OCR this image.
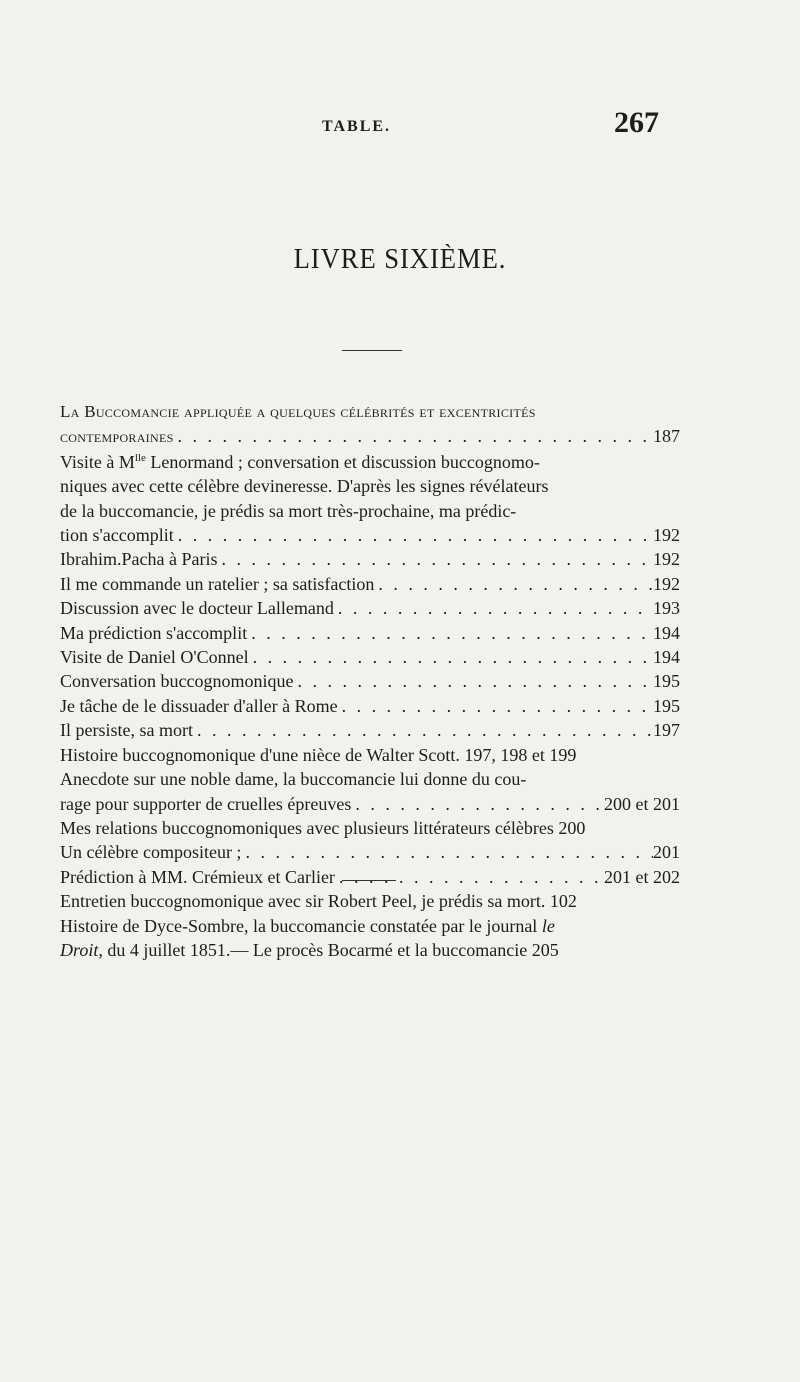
TABLE.	267
LIVRE SIXIÈME.
La Buccomancie appliquée a quelques célébrités et excentricités
contemporaines . . .	187
Visite à $M^{lle}$ Lenormand ; conversation et discussion buccognomo-
niques avec cette célèbre devineresse. D'après les signes révélateurs
de la buccomancie, je prédis sa mort très-prochaine, ma prédic-
tion s'accomplit . . .	192
Ibrahim.Pacha à Paris . . .	192
Il me commande un ratelier ; sa satisfaction . . .	192
Discussion avec le docteur Lallemand . . .	193
Ma prédiction s'accomplit . . .	194
Visite de Daniel O'Connel . . .	194
Conversation buccognomonique . . .	195
Je tâche de le dissuader d'aller à Rome . . .	195
Il persiste, sa mort . . .	197
Histoire buccognomonique d'une nièce de Walter Scott. 197, 198 et 199
Anecdote sur une noble dame, la buccomancie lui donne du cou-
rage pour supporter de cruelles épreuves . . .	200 et 201
Mes relations buccognomoniques avec plusieurs littérateurs célèbres 200
Un célèbre compositeur ; . . .	201
Prédiction à MM. Crémieux et Carlier . . .	201 et 202
Entretien buccognomonique avec sir Robert Peel, je prédis sa mort. 102
Histoire de Dyce-Sombre, la buccomancie constatée par le journal le
Droit, du 4 juillet 1851.— Le procès Bocarmé et la buccomancie 205
